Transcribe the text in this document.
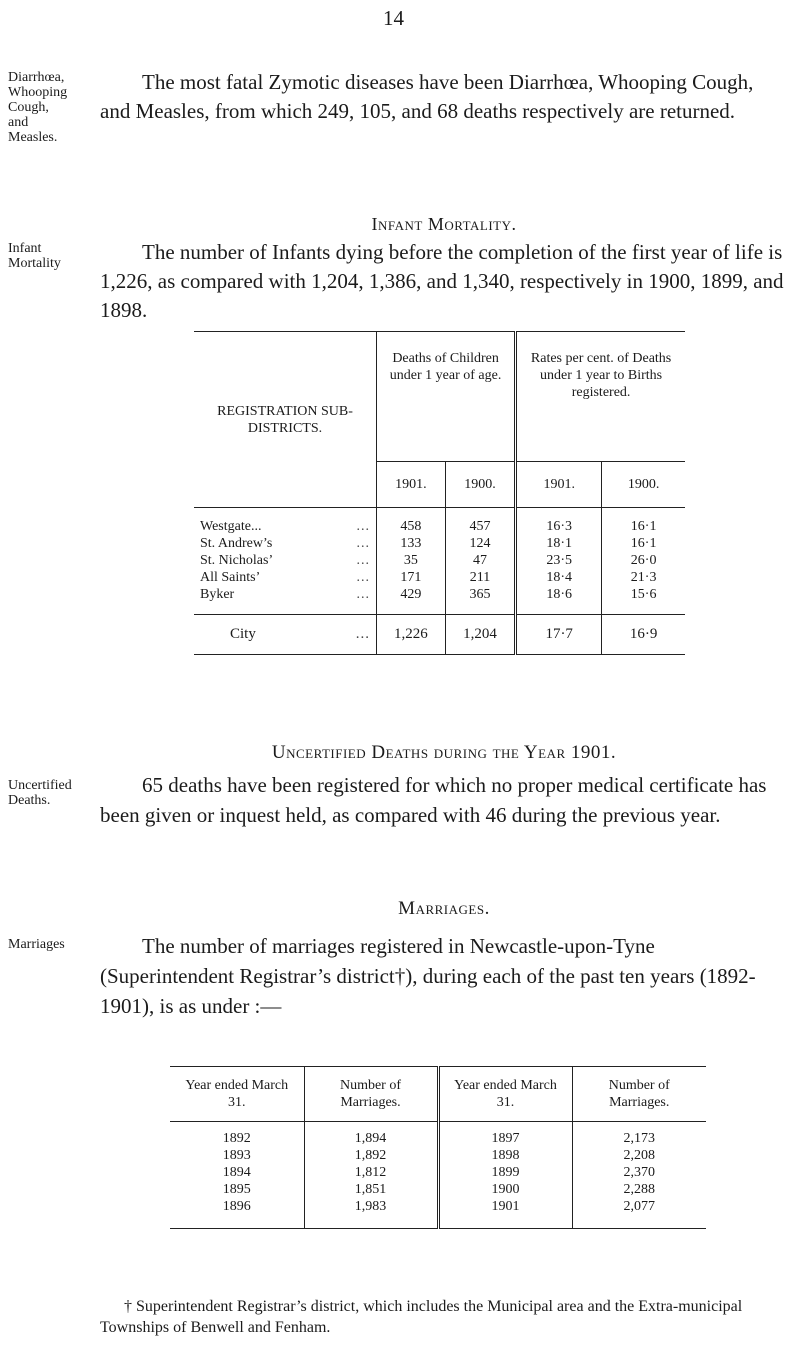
14
Diarrhœa, Whooping Cough, and Measles.
The most fatal Zymotic diseases have been Diarrhœa, Whooping Cough, and Measles, from which 249, 105, and 68 deaths respectively are returned.
Infant Mortality.
Infant Mortality	The number of Infants dying before the completion of the first year of life is 1,226, as compared with 1,204, 1,386, and 1,340, respectively in 1900, 1899, and 1898.
REGISTRATION SUB-DISTRICTS.	Deaths of Children under 1 year of age.		Rates per cent. of Deaths under 1 year to Births registered.	
	1901.	1900.	1901.	1900.

Westgate... ...	458	457	16·3	16·1
St. Andrew’s ...	133	124	18·1	16·1
St. Nicholas’ ...	35	47	23·5	26·0
All Saints’ ...	171	211	18·4	21·3
Byker ...	429	365	18·6	15·6

City ...	1,226	1,204	17·7	16·9
Uncertified Deaths during the Year 1901.
Uncertified Deaths.
65 deaths have been registered for which no proper medical certificate has been given or inquest held, as compared with 46 during the previous year.
Marriages.
Marriages	The number of marriages registered in Newcastle-upon-Tyne (Superintendent Registrar’s district†), during each of the past ten years (1892-1901), is as under :—
Year ended March 31.	Number of Marriages.	Year ended March 31.	Number of Marriages.

1892	1,894	1897	2,173
1893	1,892	1898	2,208
1894	1,812	1899	2,370
1895	1,851	1900	2,288
1896	1,983	1901	2,077

† Superintendent Registrar’s district, which includes the Municipal area and the Extra-municipal Townships of Benwell and Fenham.
